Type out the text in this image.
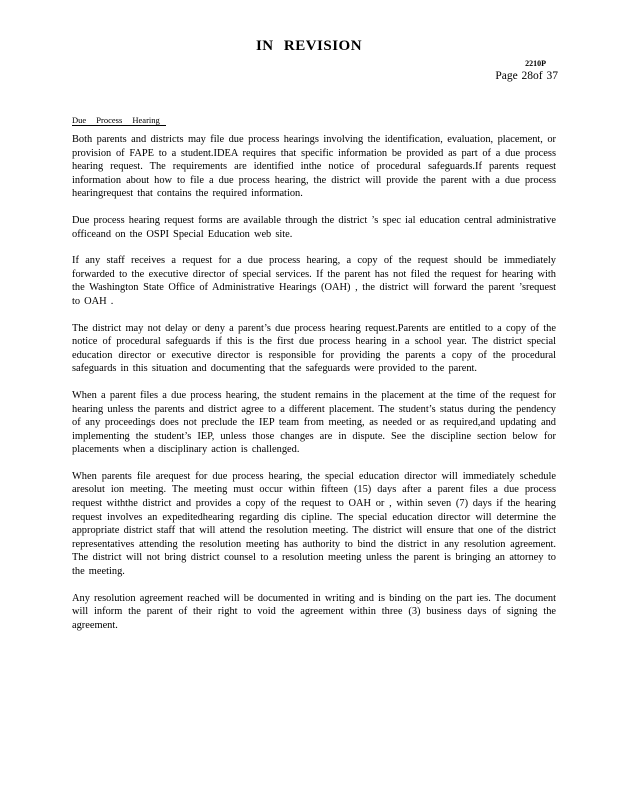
IN REVISION
2210P
Page 28of 37
Due Process Hearing

Both parents and districts may file due process hearings involving the identification, evaluation, placement, or provision of FAPE to a student.IDEA requires that specific information be provided as part of a due process hearing request. The requirements are identified inthe notice of procedural safeguards.If parents request information about how to file a due process hearing, the district will provide the parent with a due process hearingrequest that contains the required information.

Due process hearing request forms are available through the district ’s spec ial education central administrative officeand on the OSPI Special Education web site.

If any staff receives a request for a due process hearing, a copy of the request should be immediately forwarded to the executive director of special services. If the parent has not filed the request for hearing with the Washington State Office of Administrative Hearings (OAH) , the district will forward the parent ’srequest to OAH .

The district may not delay or deny a parent’s due process hearing request.Parents are entitled to a copy of the notice of procedural safeguards if this is the first due process hearing in a school year. The district special education director or executive director is responsible for providing the parents a copy of the procedural safeguards in this situation and documenting that the safeguards were provided to the parent.

When a parent files a due process hearing, the student remains in the placement at the time of the request for hearing unless the parents and district agree to a different placement. The student’s status during the pendency of any proceedings does not preclude the IEP team from meeting, as needed or as required,and updating and implementing the student’s IEP, unless those changes are in dispute. See the discipline section below for placements when a disciplinary action is challenged.

When parents file arequest for due process hearing, the special education director will immediately schedule aresolut ion meeting. The meeting must occur within fifteen (15) days after a parent files a due process request withthe district and provides a copy of the request to OAH or , within seven (7) days if the hearing request involves an expeditedhearing regarding dis cipline. The special education director will determine the appropriate district staff that will attend the resolution meeting. The district will ensure that one of the district representatives attending the resolution meeting has authority to bind the district in any resolution agreement. The district will not bring district counsel to a resolution meeting unless the parent is bringing an attorney to the meeting.

Any resolution agreement reached will be documented in writing and is binding on the part ies. The document will inform the parent of their right to void the agreement within three (3) business days of signing the agreement.
